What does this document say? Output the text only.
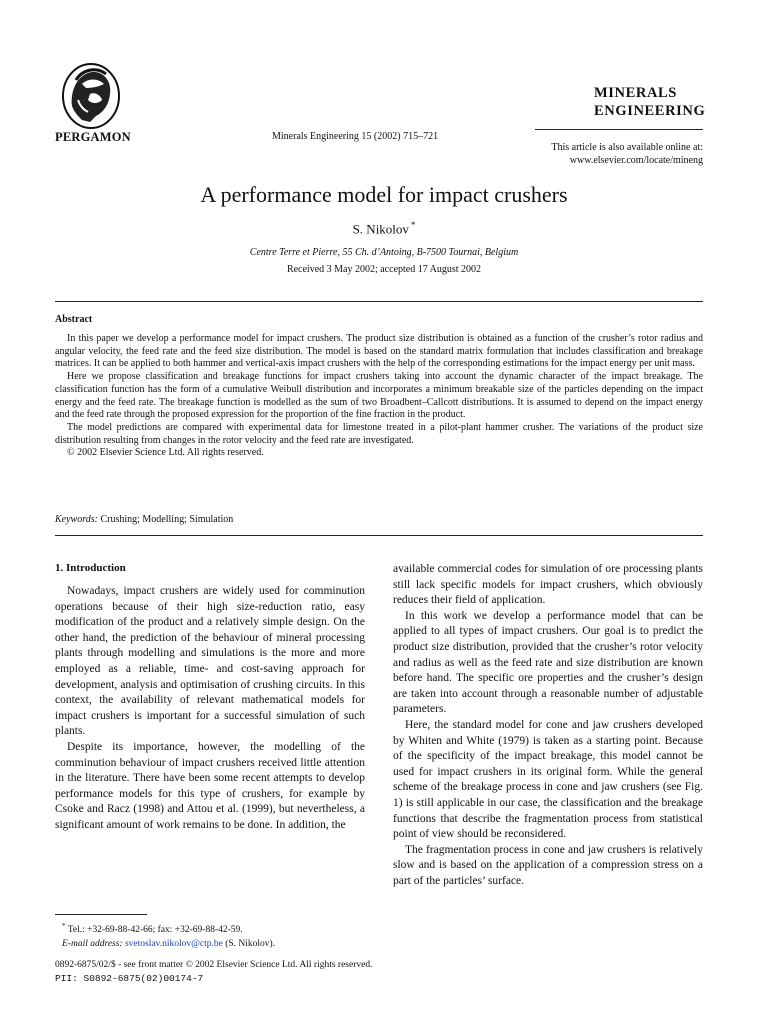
PERGAMON	Minerals Engineering 15 (2002) 715–721
MINERALS
ENGINEERING
This article is also available online at:
www.elsevier.com/locate/mineng
A performance model for impact crushers
S. Nikolov *
Centre Terre et Pierre, 55 Ch. d’Antoing, B-7500 Tournai, Belgium
Received 3 May 2002; accepted 17 August 2002
Abstract

In this paper we develop a performance model for impact crushers. The product size distribution is obtained as a function of the crusher’s rotor radius and angular velocity, the feed rate and the feed size distribution. The model is based on the standard matrix formulation that includes classification and breakage matrices. It can be applied to both hammer and vertical-axis impact crushers with the help of the corresponding estimations for the impact energy per unit mass.

Here we propose classification and breakage functions for impact crushers taking into account the dynamic character of the impact breakage. The classification function has the form of a cumulative Weibull distribution and incorporates a minimum breakable size of the particles depending on the impact energy and the feed rate. The breakage function is modelled as the sum of two Broadbent–Callcott distributions. It is assumed to depend on the impact energy and the feed rate through the proposed expression for the proportion of the fine fraction in the product.

The model predictions are compared with experimental data for limestone treated in a pilot-plant hammer crusher. The variations of the product size distribution resulting from changes in the rotor velocity and the feed rate are investigated.

© 2002 Elsevier Science Ltd. All rights reserved.

Keywords: Crushing; Modelling; Simulation
1. Introduction

Nowadays, impact crushers are widely used for comminution operations because of their high size-reduction ratio, easy modification of the product and a relatively simple design. On the other hand, the prediction of the behaviour of mineral processing plants through modelling and simulations is the more and more employed as a reliable, time- and cost-saving approach for development, analysis and optimisation of crushing circuits. In this context, the availability of relevant mathematical models for impact crushers is important for a successful simulation of such plants.

Despite its importance, however, the modelling of the comminution behaviour of impact crushers received little attention in the literature. There have been some recent attempts to develop performance models for this type of crushers, for example by Csoke and Racz (1998) and Attou et al. (1999), but nevertheless, a significant amount of work remains to be done. In addition, the

available commercial codes for simulation of ore processing plants still lack specific models for impact crushers, which obviously reduces their field of application.

In this work we develop a performance model that can be applied to all types of impact crushers. Our goal is to predict the product size distribution, provided that the crusher’s rotor velocity and radius as well as the feed rate and size distribution are known before hand. The specific ore properties and the crusher’s design are taken into account through a reasonable number of adjustable parameters.

Here, the standard model for cone and jaw crushers developed by Whiten and White (1979) is taken as a starting point. Because of the specificity of the impact breakage, this model cannot be used for impact crushers in its original form. While the general scheme of the breakage process in cone and jaw crushers (see Fig. 1) is still applicable in our case, the classification and the breakage functions that describe the fragmentation process from statistical point of view should be reconsidered.

The fragmentation process in cone and jaw crushers is relatively slow and is based on the application of a compression stress on a part of the particles’ surface.

* Tel.: +32-69-88-42-66; fax: +32-69-88-42-59.
E-mail address: svetoslav.nikolov@ctp.be (S. Nikolov).
0892-6875/02/$ - see front matter © 2002 Elsevier Science Ltd. All rights reserved.
PII: S0892-6875(02)00174-7
